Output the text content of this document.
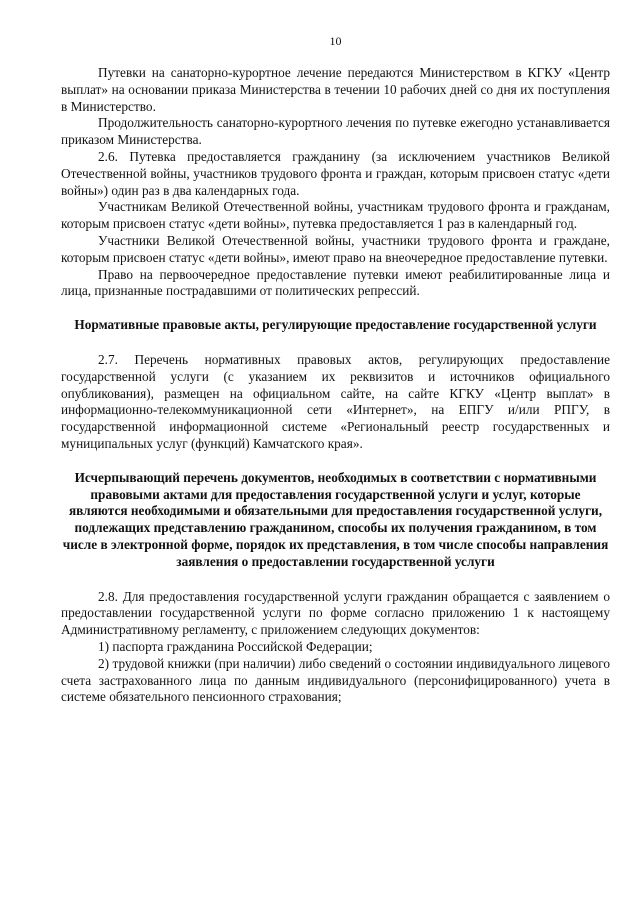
10

Путевки на санаторно-курортное лечение передаются Министерством в КГКУ «Центр выплат» на основании приказа Министерства в течении 10 рабочих дней со дня их поступления в Министерство.

Продолжительность санаторно-курортного лечения по путевке ежегодно устанавливается приказом Министерства.

2.6. Путевка предоставляется гражданину (за исключением участников Великой Отечественной войны, участников трудового фронта и граждан, которым присвоен статус «дети войны») один раз в два календарных года.

Участникам Великой Отечественной войны, участникам трудового фронта и гражданам, которым присвоен статус «дети войны», путевка предоставляется 1 раз в календарный год.

Участники Великой Отечественной войны, участники трудового фронта и граждане, которым присвоен статус «дети войны», имеют право на внеочередное предоставление путевки.

Право на первоочередное предоставление путевки имеют реабилитированные лица и лица, признанные пострадавшими от политических репрессий.

Нормативные правовые акты, регулирующие предоставление государственной услуги

2.7. Перечень нормативных правовых актов, регулирующих предоставление государственной услуги (с указанием их реквизитов и источников официального опубликования), размещен на официальном сайте, на сайте КГКУ «Центр выплат» в информационно-телекоммуникационной сети «Интернет», на ЕПГУ и/или РПГУ, в государственной информационной системе «Региональный реестр государственных и муниципальных услуг (функций) Камчатского края».

Исчерпывающий перечень документов, необходимых в соответствии с нормативными правовыми актами для предоставления государственной услуги и услуг, которые являются необходимыми и обязательными для предоставления государственной услуги, подлежащих представлению гражданином, способы их получения гражданином, в том числе в электронной форме, порядок их представления, в том числе способы направления заявления о предоставлении государственной услуги

2.8. Для предоставления государственной услуги гражданин обращается с заявлением о предоставлении государственной услуги по форме согласно приложению 1 к настоящему Административному регламенту, с приложением следующих документов:

1) паспорта гражданина Российской Федерации;

2) трудовой книжки (при наличии) либо сведений о состоянии индивидуального лицевого счета застрахованного лица по данным индивидуального (персонифицированного) учета в системе обязательного пенсионного страхования;
